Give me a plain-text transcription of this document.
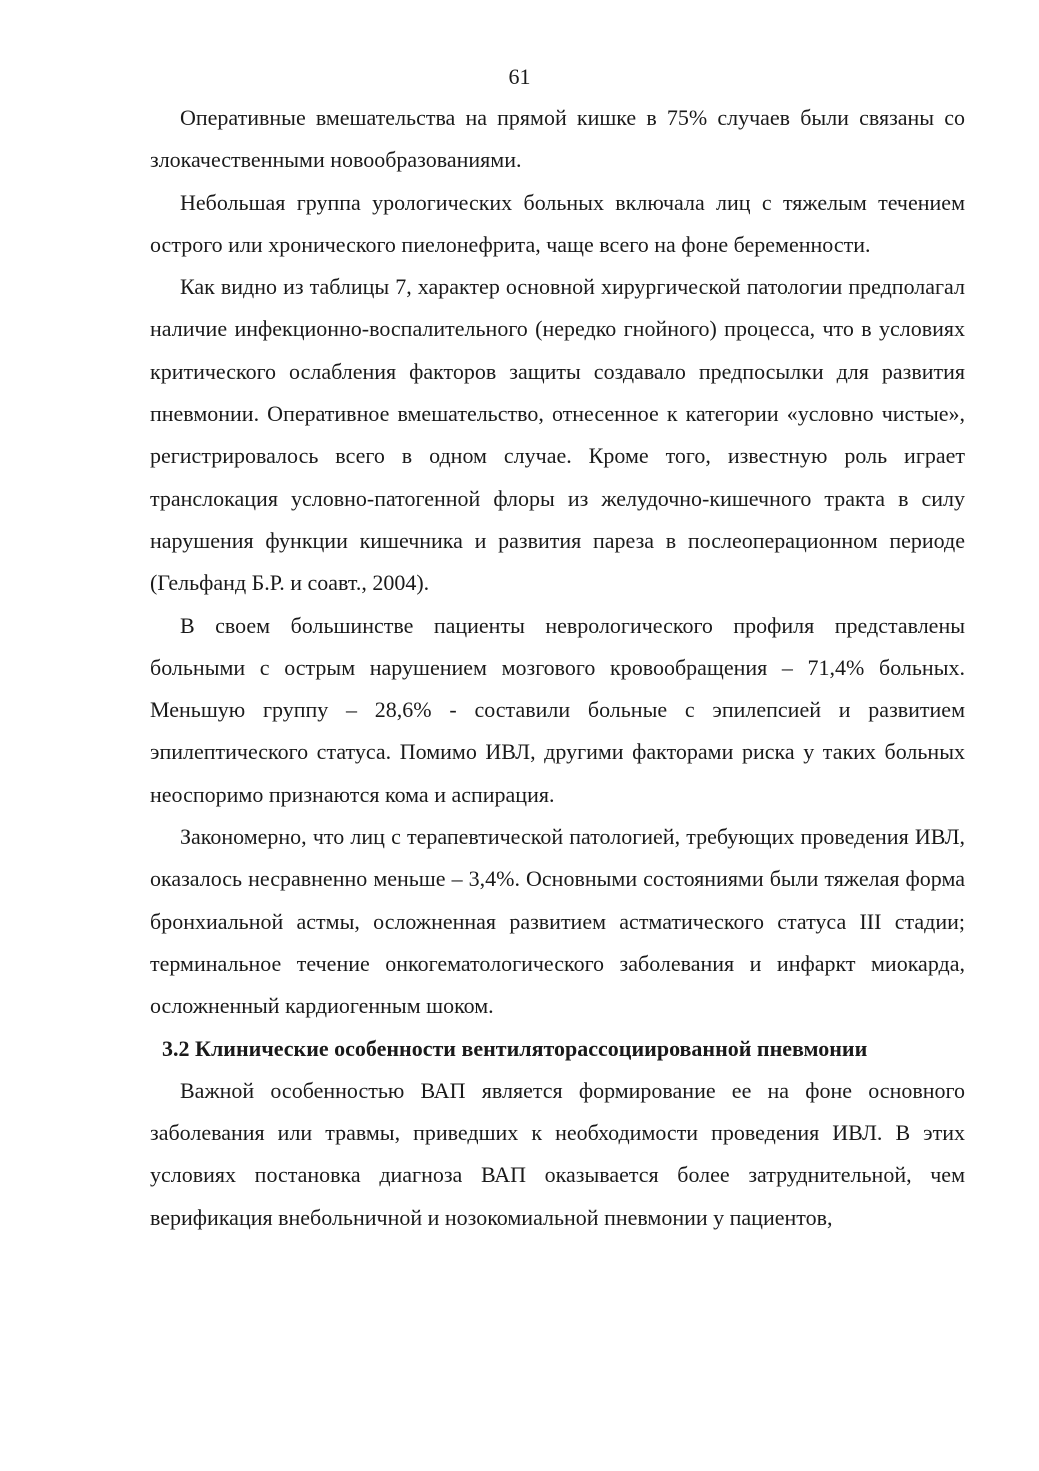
61

Оперативные вмешательства на прямой кишке в 75% случаев были связаны со злокачественными новообразованиями.

Небольшая группа урологических больных включала лиц с тяжелым течением острого или хронического пиелонефрита, чаще всего на фоне беременности.

Как видно из таблицы 7, характер основной хирургической патологии предполагал наличие инфекционно-воспалительного (нередко гнойного) процесса, что в условиях критического ослабления факторов защиты создавало предпосылки для развития пневмонии. Оперативное вмешательство, отнесенное к категории «условно чистые», регистрировалось всего в одном случае. Кроме того, известную роль играет транслокация условно-патогенной флоры из желудочно-кишечного тракта в силу нарушения функции кишечника и развития пареза в послеоперационном периоде (Гельфанд Б.Р. и соавт., 2004).

В своем большинстве пациенты неврологического профиля представлены больными с острым нарушением мозгового кровообращения – 71,4% больных. Меньшую группу – 28,6% - составили больные с эпилепсией и развитием эпилептического статуса. Помимо ИВЛ, другими факторами риска у таких больных неоспоримо признаются кома и аспирация.

Закономерно, что лиц с терапевтической патологией, требующих проведения ИВЛ, оказалось несравненно меньше – 3,4%. Основными состояниями были тяжелая форма бронхиальной астмы, осложненная развитием астматического статуса III стадии; терминальное течение онкогематологического заболевания и инфаркт миокарда, осложненный кардиогенным шоком.

3.2 Клинические особенности вентиляторассоциированной пневмонии

Важной особенностью ВАП является формирование ее на фоне основного заболевания или травмы, приведших к необходимости проведения ИВЛ. В этих условиях постановка диагноза ВАП оказывается более затруднительной, чем верификация внебольничной и нозокомиальной пневмонии у пациентов,
